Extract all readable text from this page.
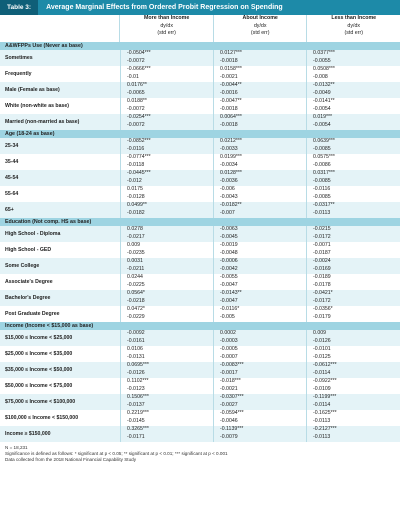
Table 3:	Average Marginal Effects from Ordered Probit Regression on Spending
More than Income
dy/dx
(std err)
About Income
dy/dx
(std err)
Less than Income
dy/dx
(std err)
A&WFPPs Use (Never as base)
Sometimes
-0.0504***
-0.0072
0.0127***
-0.0018
0.0377***
-0.0055
Frequently
-0.0666***
-0.01
0.0158***
-0.0021
0.0508***
-0.008
Male (Female as base)
0.0176**
-0.0065
-0.0044**
-0.0016
-0.0132**
-0.0049
White (non-white as base)
0.0188**
-0.0072
-0.0047**
-0.0018
-0.0141**
-0.0054
Married (non-married as base)
-0.0254***
-0.0072
0.0064***
-0.0018
0.019***
-0.0054
Age (18-24 as base)
25-34
-0.0852***
-0.0116
0.0212***
-0.0033
0.0639***
-0.0085
35-44
-0.0774***
-0.0118
0.0199***
-0.0034
0.0575***
-0.0086
45-54
-0.0445***
-0.012
0.0128***
-0.0036
0.0317***
-0.0085
55-64
0.0175
-0.0128
-0.006
-0.0043
-0.0116
-0.0085
65+
0.0499**
-0.0182
-0.0182**
-0.007
-0.0317**
-0.0113
Education (Not comp. HS as base)
High School - Diploma
0.0278
-0.0217
-0.0063
-0.0045
-0.0215
-0.0172
High School - GED
0.009
-0.0235
-0.0019
-0.0048
-0.0071
-0.0187
Some College
0.0031
-0.0211
-0.0006
-0.0042
-0.0024
-0.0169
Associate's Degree
0.0244
-0.0225
-0.0055
-0.0047
-0.0189
-0.0178
Bachelor's Degree
0.0564*
-0.0218
-0.0143**
-0.0047
-0.0421*
-0.0172
Post Graduate Degree
0.0472*
-0.0229
-0.0116*
-0.005
-0.0356*
-0.0179
Income (Income < $15,000 as base)
$15,000 ≤ Income < $25,000
-0.0092
-0.0161
0.0002
-0.0003
0.009
-0.0126
$25,000 ≤ Income < $35,000
0.0106
-0.0131
-0.0005
-0.0007
-0.0101
-0.0125
$35,000 ≤ Income < $50,000
0.0695***
-0.0126
-0.0083***
-0.0017
-0.0612***
-0.0114
$50,000 ≤ Income < $75,000
0.1102***
-0.0123
-0.018***
-0.0021
-0.0922***
-0.0109
$75,000 ≤ Income < $100,000
0.1506***
-0.0137
-0.0307***
-0.0027
-0.1199***
-0.0114
$100,000 ≤ Income < $150,000
0.2219***
-0.0145
-0.0594***
-0.0046
-0.1625***
-0.0113
Income ≥ $150,000
0.3265***
-0.0171
-0.1139***
-0.0079
-0.2127***
-0.0113
N = 18,231
Significance is defined as follows: * significant at p < 0.05; ** significant at p < 0.01; *** significant at p < 0.001
Data collected from the 2018 National Financial Capability Study
